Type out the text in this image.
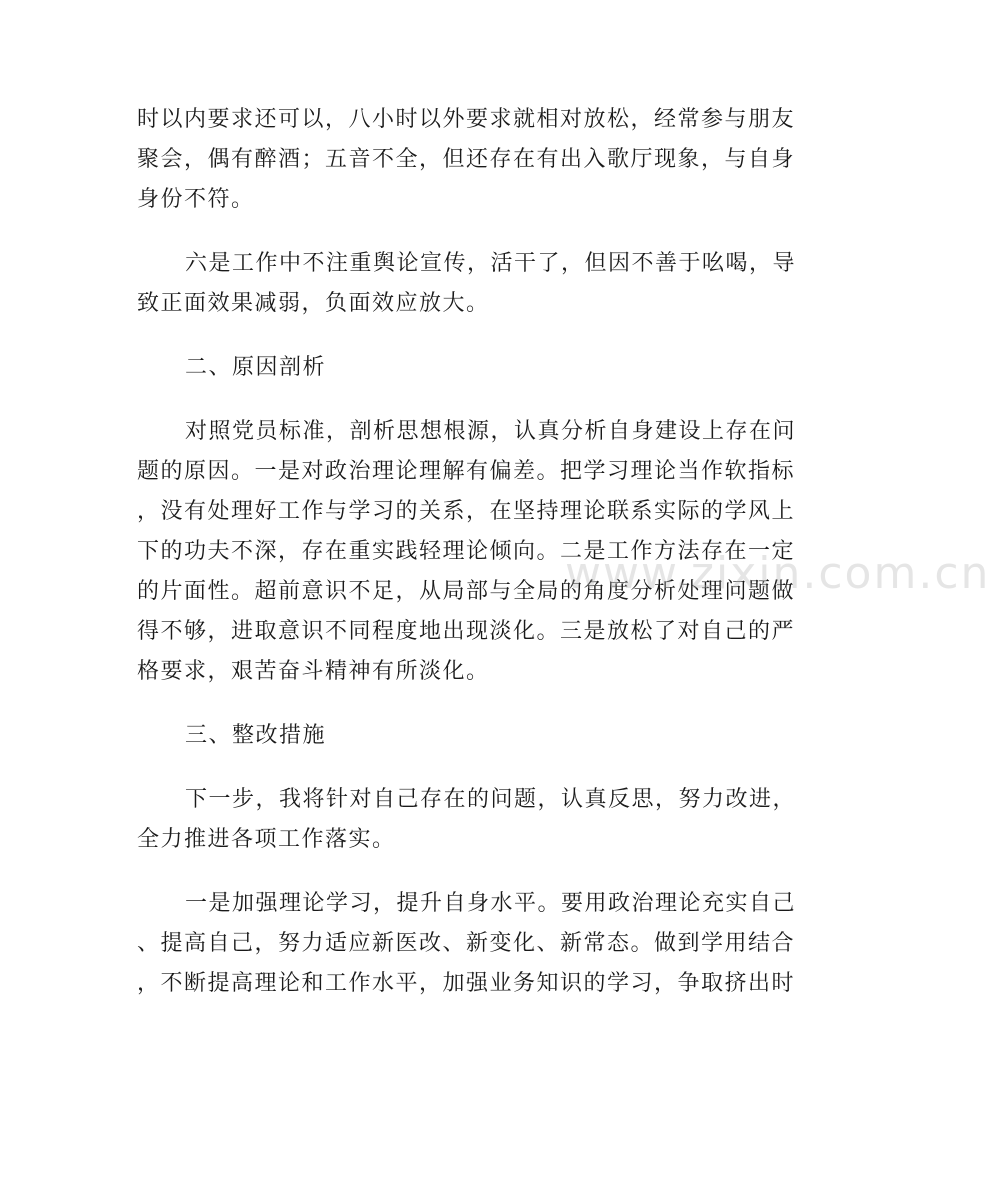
时以内要求还可以，八小时以外要求就相对放松，经常参与朋友
聚会，偶有醉酒；五音不全，但还存在有出入歌厅现象，与自身
身份不符。

六是工作中不注重舆论宣传，活干了，但因不善于吆喝，导
致正面效果减弱，负面效应放大。

二、原因剖析

对照党员标准，剖析思想根源，认真分析自身建设上存在问
题的原因。一是对政治理论理解有偏差。把学习理论当作软指标
，没有处理好工作与学习的关系，在坚持理论联系实际的学风上
下的功夫不深，存在重实践轻理论倾向。二是工作方法存在一定
的片面性。超前意识不足，从局部与全局的角度分析处理问题做
得不够，进取意识不同程度地出现淡化。三是放松了对自己的严
格要求，艰苦奋斗精神有所淡化。

三、整改措施

下一步，我将针对自己存在的问题，认真反思，努力改进，
全力推进各项工作落实。

一是加强理论学习，提升自身水平。要用政治理论充实自己
、提高自己，努力适应新医改、新变化、新常态。做到学用结合
，不断提高理论和工作水平，加强业务知识的学习，争取挤出时

www.zixin.com.cn
